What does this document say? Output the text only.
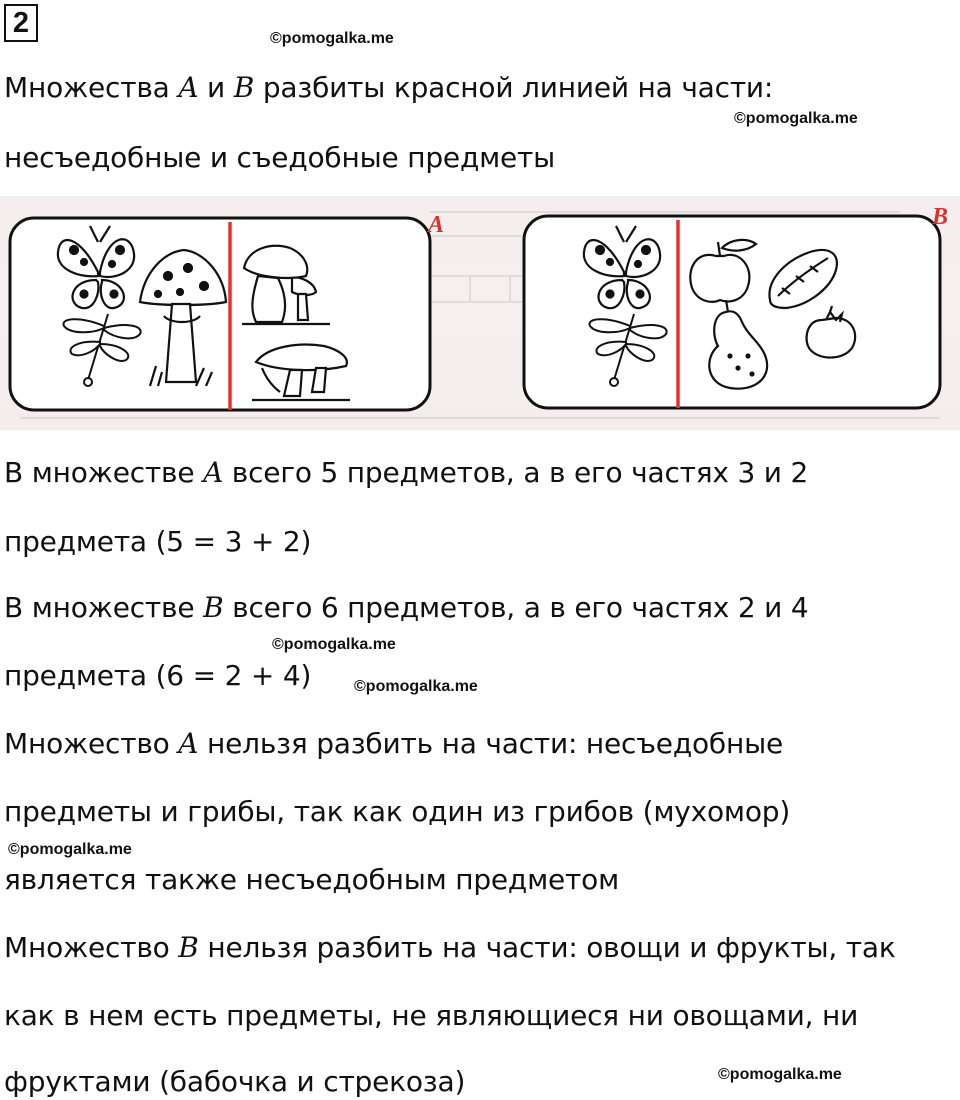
2	©pomogalka.me
©pomogalka.me
©pomogalka.me
©pomogalka.me
©pomogalka.me
©pomogalka.me
Множества A и B разбиты красной линией на части:
несъедобные и съедобные предметы
A	B
В множестве A всего 5 предметов, а в его частях 3 и 2
предмета (5 = 3 + 2)
В множестве B всего 6 предметов, а в его частях 2 и 4
предмета (6 = 2 + 4)
Множество A нельзя разбить на части: несъедобные
предметы и грибы, так как один из грибов (мухомор)
является также несъедобным предметом
Множество B нельзя разбить на части: овощи и фрукты, так
как в нем есть предметы, не являющиеся ни овощами, ни
фруктами (бабочка и стрекоза)
